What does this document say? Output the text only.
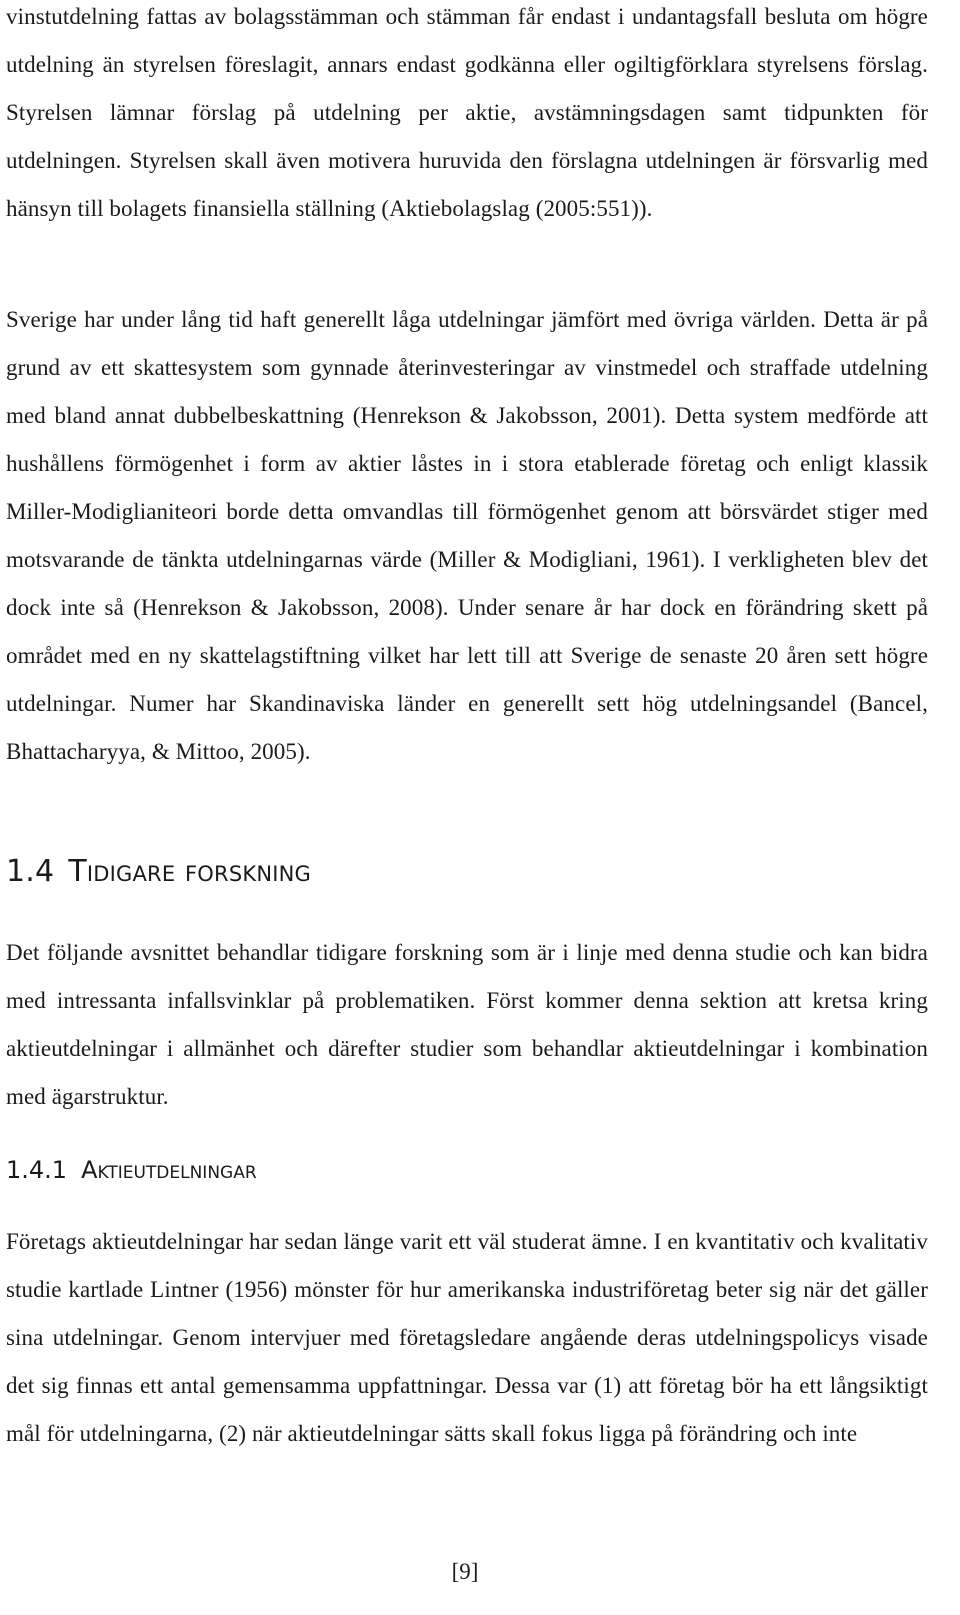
vinstutdelning fattas av bolagsstämman och stämman får endast i undantagsfall besluta om högre utdelning än styrelsen föreslagit, annars endast godkänna eller ogiltigförklara styrelsens förslag. Styrelsen lämnar förslag på utdelning per aktie, avstämningsdagen samt tidpunkten för utdelningen. Styrelsen skall även motivera huruvida den förslagna utdelningen är försvarlig med hänsyn till bolagets finansiella ställning (Aktiebolagslag (2005:551)).

Sverige har under lång tid haft generellt låga utdelningar jämfört med övriga världen. Detta är på grund av ett skattesystem som gynnade återinvesteringar av vinstmedel och straffade utdelning med bland annat dubbelbeskattning (Henrekson & Jakobsson, 2001). Detta system medförde att hushållens förmögenhet i form av aktier låstes in i stora etablerade företag och enligt klassik Miller-Modiglianiteori borde detta omvandlas till förmögenhet genom att börsvärdet stiger med motsvarande de tänkta utdelningarnas värde (Miller & Modigliani, 1961). I verkligheten blev det dock inte så (Henrekson & Jakobsson, 2008). Under senare år har dock en förändring skett på området med en ny skattelagstiftning vilket har lett till att Sverige de senaste 20 åren sett högre utdelningar. Numer har Skandinaviska länder en generellt sett hög utdelningsandel (Bancel, Bhattacharyya, & Mittoo, 2005).

1.4 Tidigare forskning

Det följande avsnittet behandlar tidigare forskning som är i linje med denna studie och kan bidra med intressanta infallsvinklar på problematiken. Först kommer denna sektion att kretsa kring aktieutdelningar i allmänhet och därefter studier som behandlar aktieutdelningar i kombination med ägarstruktur.

1.4.1 Aktieutdelningar

Företags aktieutdelningar har sedan länge varit ett väl studerat ämne. I en kvantitativ och kvalitativ studie kartlade Lintner (1956) mönster för hur amerikanska industriföretag beter sig när det gäller sina utdelningar. Genom intervjuer med företagsledare angående deras utdelningspolicys visade det sig finnas ett antal gemensamma uppfattningar. Dessa var (1) att företag bör ha ett långsiktigt mål för utdelningarna, (2) när aktieutdelningar sätts skall fokus ligga på förändring och inte

[9]
